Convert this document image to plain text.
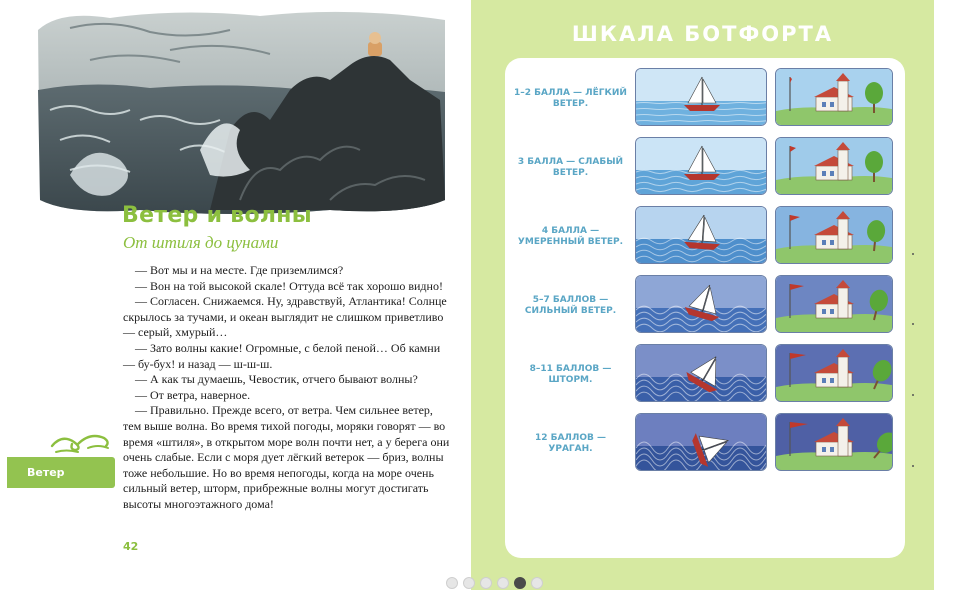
Ветер и волны
От штиля до цунами

— Вот мы и на месте. Где приземлимся?

— Вон на той высокой скале! Оттуда всё так хорошо видно!

— Согласен. Снижаемся. Ну, здравствуй, Атлантика! Солнце скрылось за тучами, и океан выглядит не слишком приветливо — серый, хмурый…

— Зато волны какие! Огромные, с белой пеной… Об камни — бу-бух! и назад — ш-ш-ш.

— А как ты думаешь, Чевостик, отчего бывают волны?

— От ветра, наверное.

— Правильно. Прежде всего, от ветра. Чем сильнее ветер, тем выше волна. Во время тихой погоды, моряки говорят — во время «штиля», в открытом море волн почти нет, а у берега они очень слабые. Если с моря дует лёгкий ветерок — бриз, волны тоже небольшие. Но во время непогоды, когда на море очень сильный ветер, шторм, прибрежные волны могут достигать высоты многоэтажного дома!

Ветер
42
ШКАЛА БОТФОРТА
1–2 БАЛЛА — ЛЁГКИЙ ВЕТЕР.
3 БАЛЛА — СЛАБЫЙ ВЕТЕР.
4 БАЛЛА — УМЕРЕННЫЙ ВЕТЕР.
5–7 БАЛЛОВ — СИЛЬНЫЙ ВЕТЕР.
8–11 БАЛЛОВ — ШТОРМ.
12 БАЛЛОВ — УРАГАН.
